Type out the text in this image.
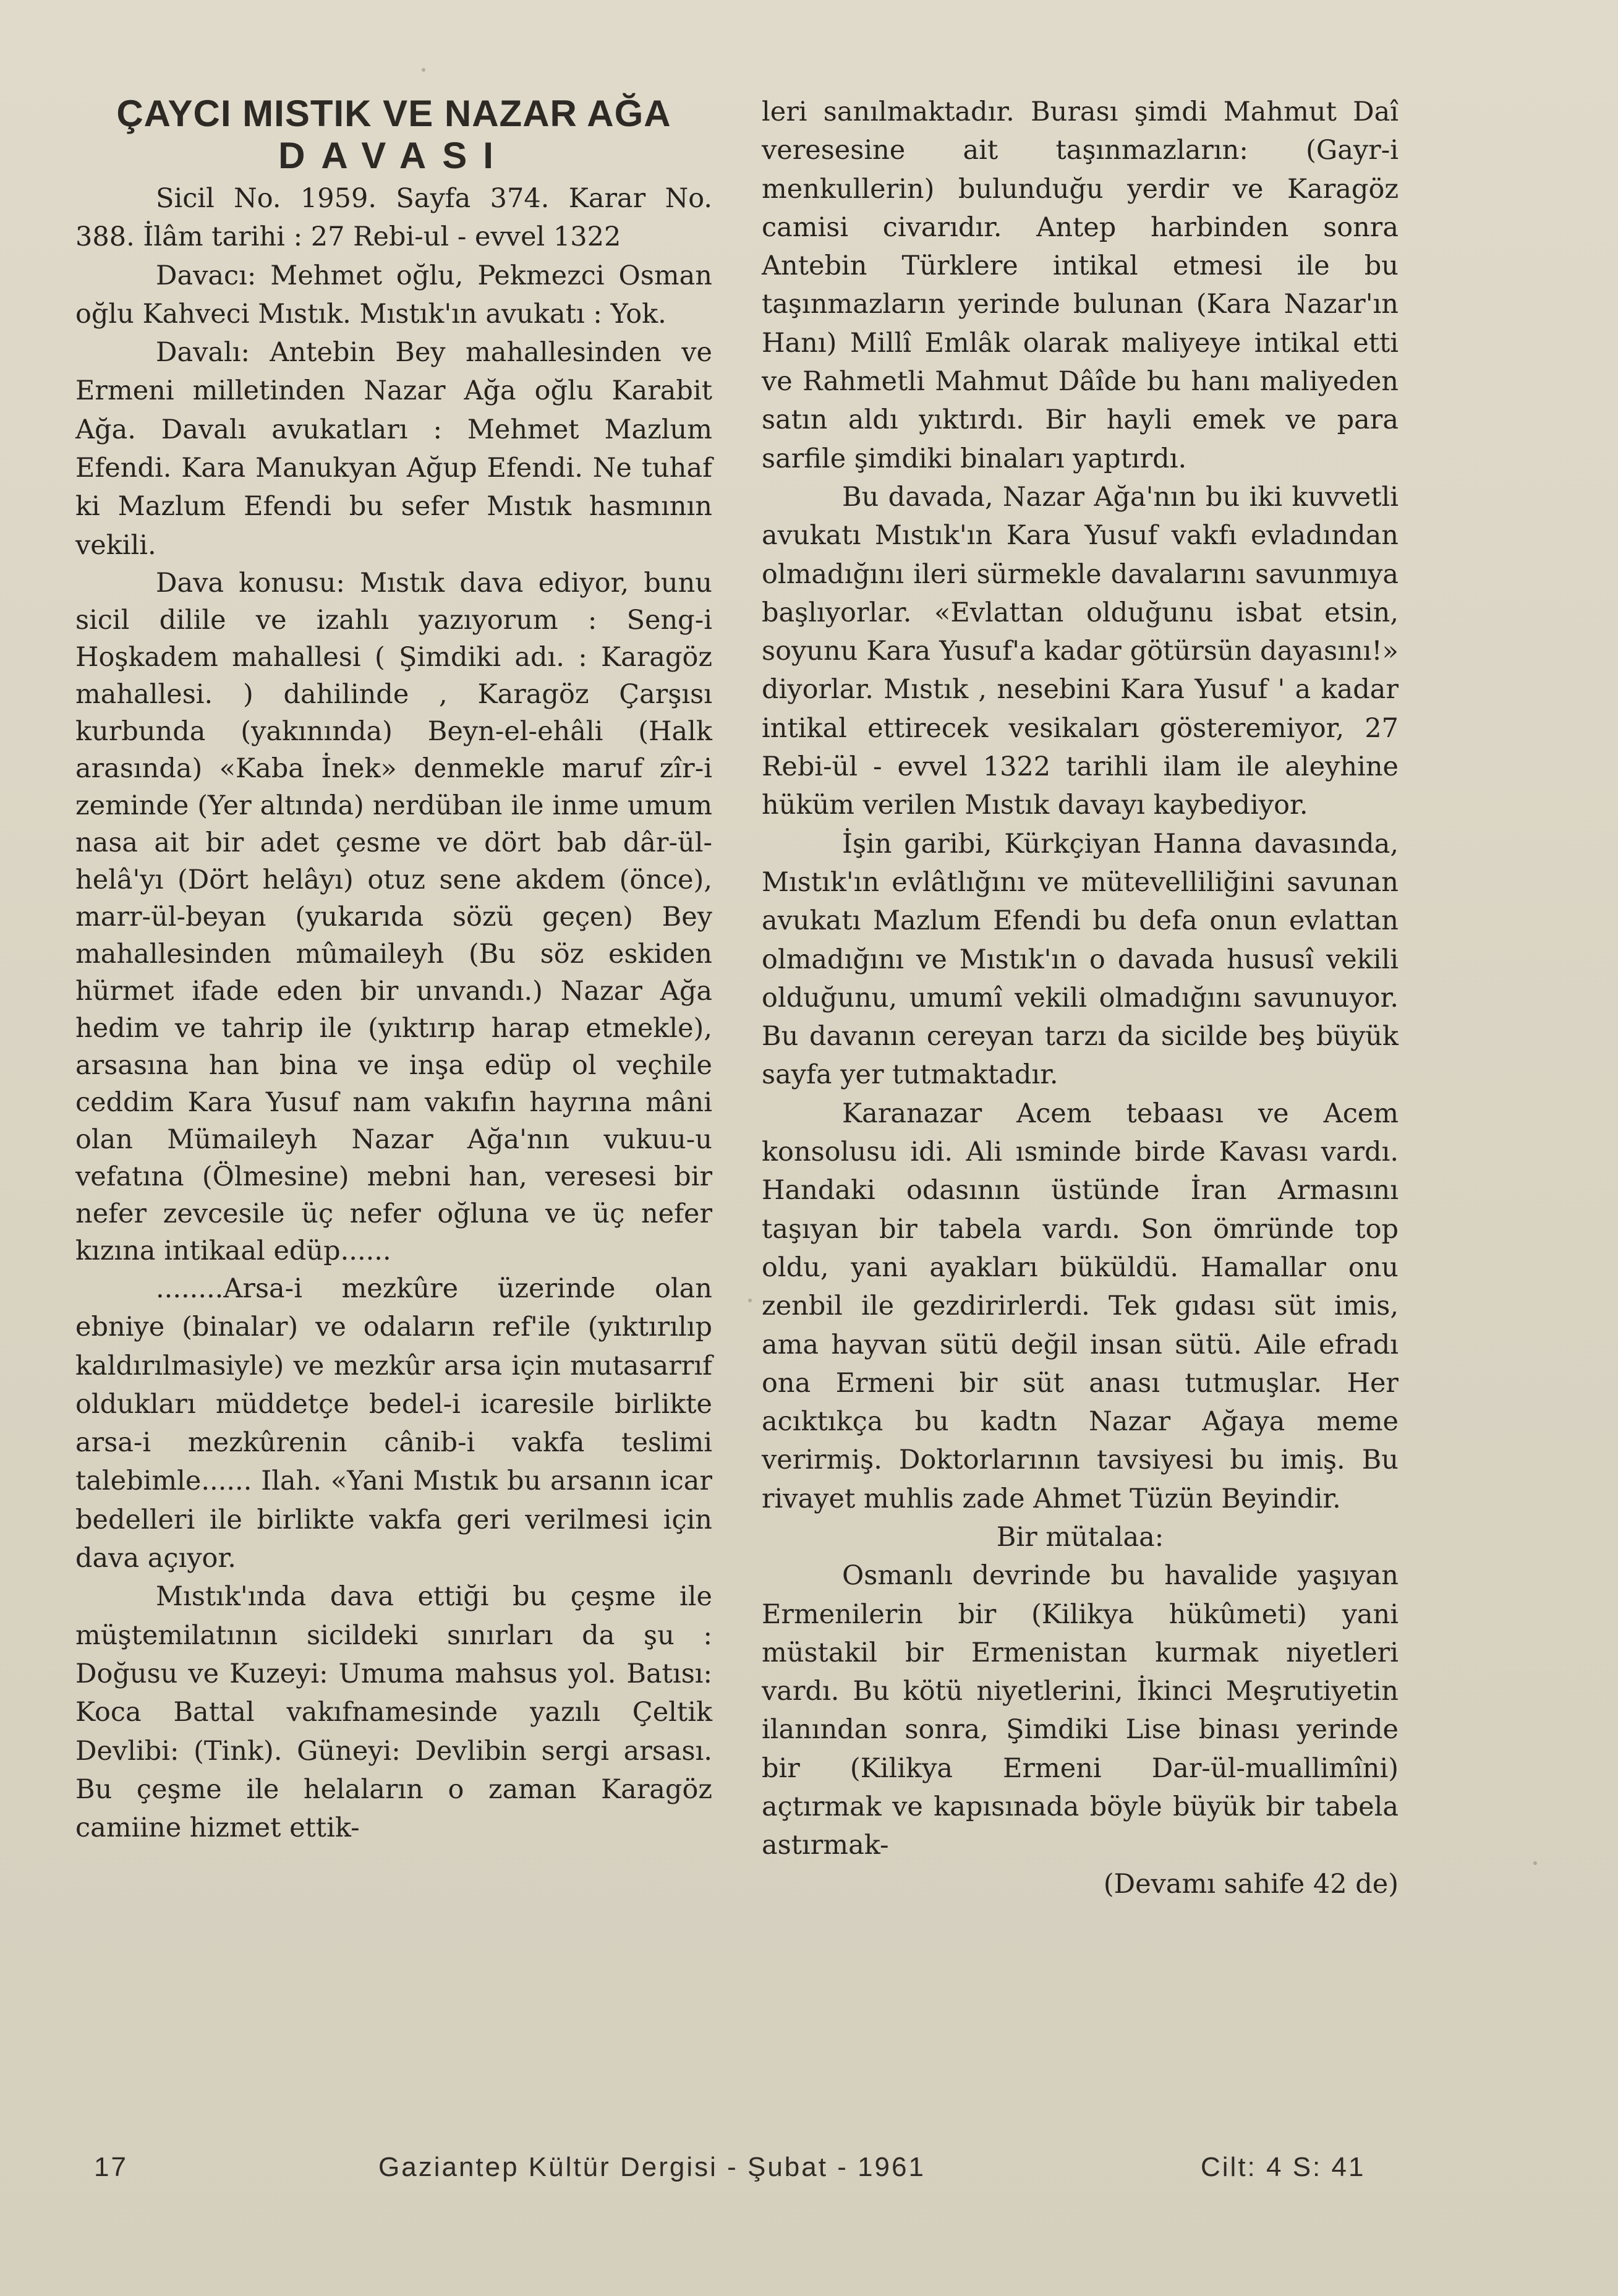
ÇAYCI MISTIK VE NAZAR AĞA
DAVASI

Sicil No. 1959. Sayfa 374. Karar No. 388. İlâm tarihi : 27 Rebi-ul - evvel 1322

Davacı: Mehmet oğlu, Pekmezci Osman oğlu Kahveci Mıstık. Mıstık'ın avukatı : Yok.

Davalı: Antebin Bey mahallesinden ve Ermeni milletinden Nazar Ağa oğlu Karabit Ağa. Davalı avukatları : Mehmet Mazlum Efendi. Kara Manukyan Ağup Efendi. Ne tuhaf ki Mazlum Efendi bu sefer Mıstık hasmının vekili.

Dava konusu: Mıstık dava ediyor, bunu sicil dilile ve izahlı yazıyorum : Seng-i Hoşkadem mahallesi ( Şimdiki adı. : Karagöz mahallesi. ) dahilinde , Karagöz Çarşısı kurbunda (yakınında) Beyn-el-ehâli (Halk arasında) «Kaba İnek» denmekle maruf zîr-i zeminde (Yer altında) nerdüban ile inme umum nasa ait bir adet çesme ve dört bab dâr-ül-helâ'yı (Dört helâyı) otuz sene akdem (önce), marr-ül-beyan (yukarıda sözü geçen) Bey mahallesinden mûmaileyh (Bu söz eskiden hürmet ifade eden bir unvandı.) Nazar Ağa hedim ve tahrip ile (yıktırıp harap etmekle), arsasına han bina ve inşa edüp ol veçhile ceddim Kara Yusuf nam vakıfın hayrına mâni olan Mümaileyh Nazar Ağa'nın vukuu-u vefatına (Ölmesine) mebni han, veresesi bir nefer zevcesile üç nefer oğluna ve üç nefer kızına intikaal edüp......

........Arsa-i mezkûre üzerinde olan ebniye (binalar) ve odaların ref'ile (yıktırılıp kaldırılmasiyle) ve mezkûr arsa için mutasarrıf oldukları müddetçe bedel-i icaresile birlikte arsa-i mezkûrenin cânib-i vakfa teslimi talebimle...... Ilah. «Yani Mıstık bu arsanın icar bedelleri ile birlikte vakfa geri verilmesi için dava açıyor.

Mıstık'ında dava ettiği bu çeşme ile müştemilatının sicildeki sınırları da şu : Doğusu ve Kuzeyi: Umuma mahsus yol. Batısı: Koca Battal vakıfnamesinde yazılı Çeltik Devlibi: (Tink). Güneyi: Devlibin sergi arsası. Bu çeşme ile helaların o zaman Karagöz camiine hizmet ettik-

leri sanılmaktadır. Burası şimdi Mahmut Daî veresesine ait taşınmazların: (Gayr-i menkullerin) bulunduğu yerdir ve Karagöz camisi civarıdır. Antep harbinden sonra Antebin Türklere intikal etmesi ile bu taşınmazların yerinde bulunan (Kara Nazar'ın Hanı) Millî Emlâk olarak maliyeye intikal etti ve Rahmetli Mahmut Dâîde bu hanı maliyeden satın aldı yıktırdı. Bir hayli emek ve para sarfile şimdiki binaları yaptırdı.

Bu davada, Nazar Ağa'nın bu iki kuvvetli avukatı Mıstık'ın Kara Yusuf vakfı evladından olmadığını ileri sürmekle davalarını savunmıya başlıyorlar. «Evlattan olduğunu isbat etsin, soyunu Kara Yusuf'a kadar götürsün dayasını!» diyorlar. Mıstık , nesebini Kara Yusuf ' a kadar intikal ettirecek vesikaları gösteremiyor, 27 Rebi-ül - evvel 1322 tarihli ilam ile aleyhine hüküm verilen Mıstık davayı kaybediyor.

İşin garibi, Kürkçiyan Hanna davasında, Mıstık'ın evlâtlığını ve mütevelliliğini savunan avukatı Mazlum Efendi bu defa onun evlattan olmadığını ve Mıstık'ın o davada hususî vekili olduğunu, umumî vekili olmadığını savunuyor. Bu davanın cereyan tarzı da sicilde beş büyük sayfa yer tutmaktadır.

Karanazar Acem tebaası ve Acem konsolusu idi. Ali ısminde birde Kavası vardı. Handaki odasının üstünde İran Armasını taşıyan bir tabela vardı. Son ömründe top oldu, yani ayakları büküldü. Hamallar onu zenbil ile gezdirirlerdi. Tek gıdası süt imis, ama hayvan sütü değil insan sütü. Aile efradı ona Ermeni bir süt anası tutmuşlar. Her acıktıkça bu kadtn Nazar Ağaya meme verirmiş. Doktorlarının tavsiyesi bu imiş. Bu rivayet muhlis zade Ahmet Tüzün Beyindir.

Bir mütalaa:

Osmanlı devrinde bu havalide yaşıyan Ermenilerin bir (Kilikya hükûmeti) yani müstakil bir Ermenistan kurmak niyetleri vardı. Bu kötü niyetlerini, İkinci Meşrutiyetin ilanından sonra, Şimdiki Lise binası yerinde bir (Kilikya Ermeni Dar-ül-muallimîni) açtırmak ve kapısınada böyle büyük bir tabela astırmak-

(Devamı sahife 42 de)

17	Gaziantep Kültür Dergisi - Şubat - 1961	Cilt: 4 S: 41
